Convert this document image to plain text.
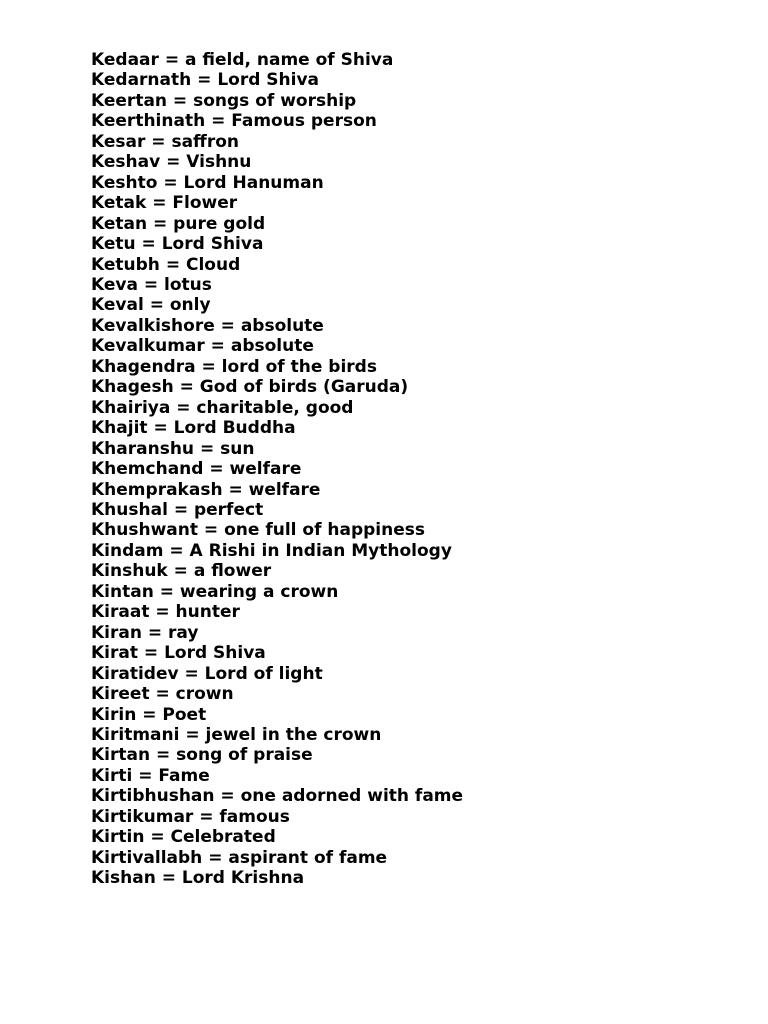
Kedaar = a field, name of Shiva

Kedarnath = Lord Shiva

Keertan = songs of worship

Keerthinath = Famous person

Kesar = saffron

Keshav = Vishnu

Keshto = Lord Hanuman

Ketak = Flower

Ketan = pure gold

Ketu = Lord Shiva

Ketubh = Cloud

Keva = lotus

Keval = only

Kevalkishore = absolute

Kevalkumar = absolute

Khagendra = lord of the birds

Khagesh = God of birds (Garuda)

Khairiya = charitable, good

Khajit = Lord Buddha

Kharanshu = sun

Khemchand = welfare

Khemprakash = welfare

Khushal = perfect

Khushwant = one full of happiness

Kindam = A Rishi in Indian Mythology

Kinshuk = a flower

Kintan = wearing a crown

Kiraat = hunter

Kiran = ray

Kirat = Lord Shiva

Kiratidev = Lord of light

Kireet = crown

Kirin = Poet

Kiritmani = jewel in the crown

Kirtan = song of praise

Kirti = Fame

Kirtibhushan = one adorned with fame

Kirtikumar = famous

Kirtin = Celebrated

Kirtivallabh = aspirant of fame

Kishan = Lord Krishna
